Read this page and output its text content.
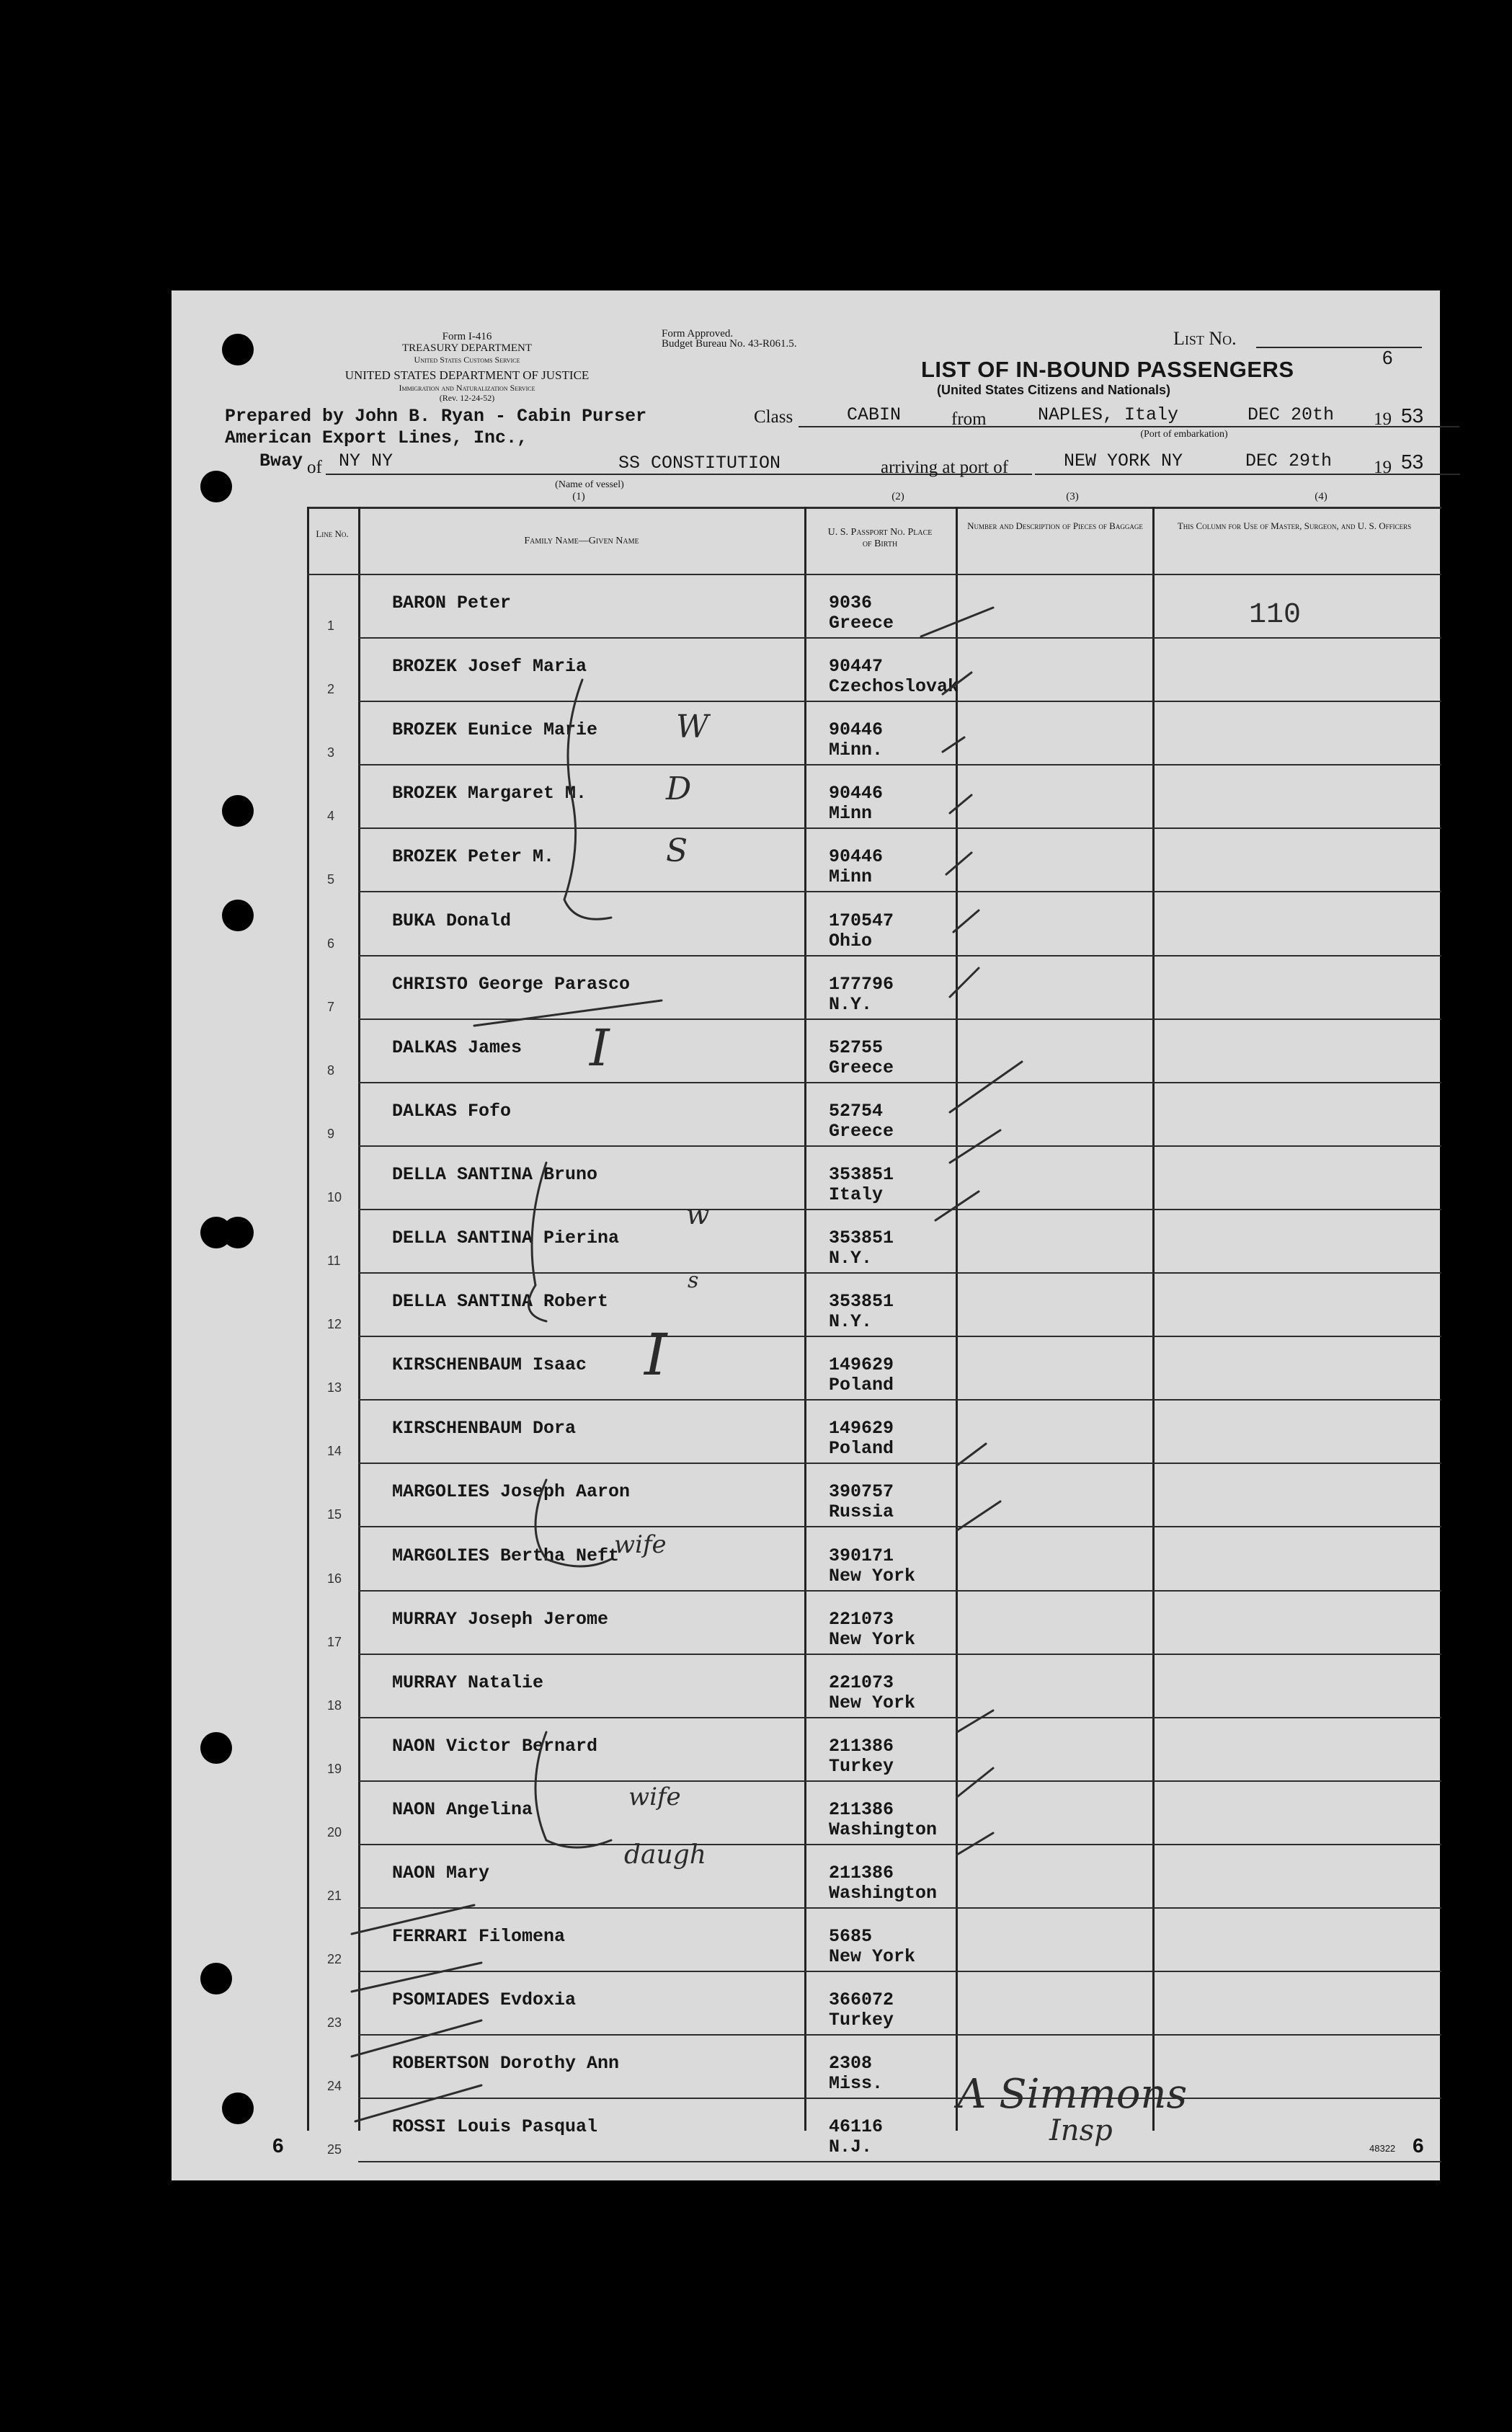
Form I-416
TREASURY DEPARTMENT
United States Customs Service
UNITED STATES DEPARTMENT OF JUSTICE
Immigration and Naturalization Service
(Rev. 12-24-52)
Form Approved.
Budget Bureau No. 43-R061.5.	List No.
6
LIST OF IN-BOUND PASSENGERS
(United States Citizens and Nationals)
Prepared by John B. Ryan - Cabin Purser	Class	CABIN	from	NAPLES, Italy	DEC 20th 19 53
(Port of embarkation)
American Export Lines, Inc.,
Bway of NY NY	SS CONSTITUTION
(Name of vessel)
arriving at port of	NEW YORK NY	DEC 29th 19 53
(1)	(2)	(3)	(4)
Line No.
Family Name—Given Name
U. S. Passport No. Place of Birth
Number and Description of Pieces of Baggage	This Column for Use of Master, Surgeon, and U. S. Officers
1
BARON Peter	9036
Greece
2
BROZEK Josef Maria	90447
Czechoslovak
3
BROZEK Eunice Marie	90446
Minn.
4
BROZEK Margaret M.	90446
Minn
5
BROZEK Peter M.	90446
Minn
6
BUKA Donald	170547
Ohio
7
CHRISTO George Parasco	177796
N.Y.
8
DALKAS James	52755
Greece
9
DALKAS Fofo	52754
Greece
10
DELLA SANTINA Bruno	353851
Italy
11
DELLA SANTINA Pierina	353851
N.Y.
12
DELLA SANTINA Robert	353851
N.Y.
13
KIRSCHENBAUM Isaac	149629
Poland
14
KIRSCHENBAUM Dora	149629
Poland
15
MARGOLIES Joseph Aaron	390757
Russia
16
MARGOLIES Bertha Neft	390171
New York
17
MURRAY Joseph Jerome	221073
New York
18
MURRAY Natalie	221073
New York
19
NAON Victor Bernard	211386
Turkey
20
NAON Angelina	211386
Washington
21
NAON Mary	211386
Washington
22
FERRARI Filomena	5685
New York
23
PSOMIADES Evdoxia	366072
Turkey
24
ROBERTSON Dorothy Ann	2308
Miss.
25
ROSSI Louis Pasqual	46116
N.J.
110
W
D
S
I
w
s
I
wife
wife
daugh
A Simmons
Insp
6	48322 6
